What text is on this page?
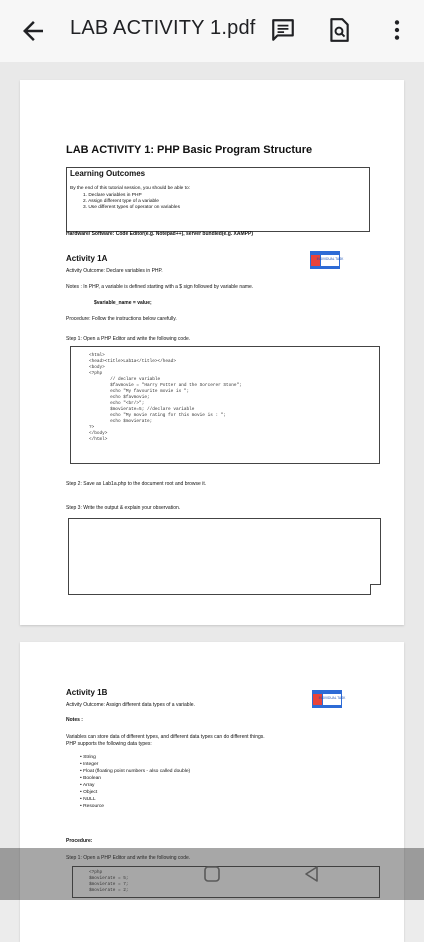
LAB ACTIVITY 1.pdf
LAB ACTIVITY 1: PHP Basic Program Structure
Learning Outcomes
By the end of this tutorial session, you should be able to:
1. Declare variables in PHP
2. Assign different type of a variable
3. Use different types of operator on variables
Hardware/ Software: Code Editor(e.g. Notepad++), server bundled(e.g. XAMPP)
Activity 1A	INDIVIDUAL TASK
Activity Outcome: Declare variables in PHP.
Notes : In PHP, a variable is defined starting with a $ sign followed by variable name.
$variable_name = value;
Procedure: Follow the instructions below carefully.
Step 1: Open a PHP Editor and write the following code.
<html>
<head><title>Lab1a</title></head>
<body>
<?php
// declare variable
$favmovie = "Harry Potter and the Sorcerer Stone";
echo "My favourite movie is ";
echo $favmovie;
echo "<br/>";
$movierate=5; //declare variable
echo "My movie rating for this movie is : ";
echo $movierate;
?>
</body>
</html>
Step 2: Save as Lab1a.php to the document root and browse it.
Step 3: Write the output & explain your observation.
Activity 1B
INDIVIDUAL TASK
Activity Outcome: Assign different data types of a variable.
Notes :
Variables can store data of different types, and different data types can do different things.
PHP supports the following data types:
• String
• Integer
• Float (floating point numbers - also called double)
• Boolean
• Array
• Object
• NULL
• Resource
Procedure:
Step 1: Open a PHP Editor and write the following code.
<?php
$movierate = 5;
$movierate = 7;
$movierate = 2;
